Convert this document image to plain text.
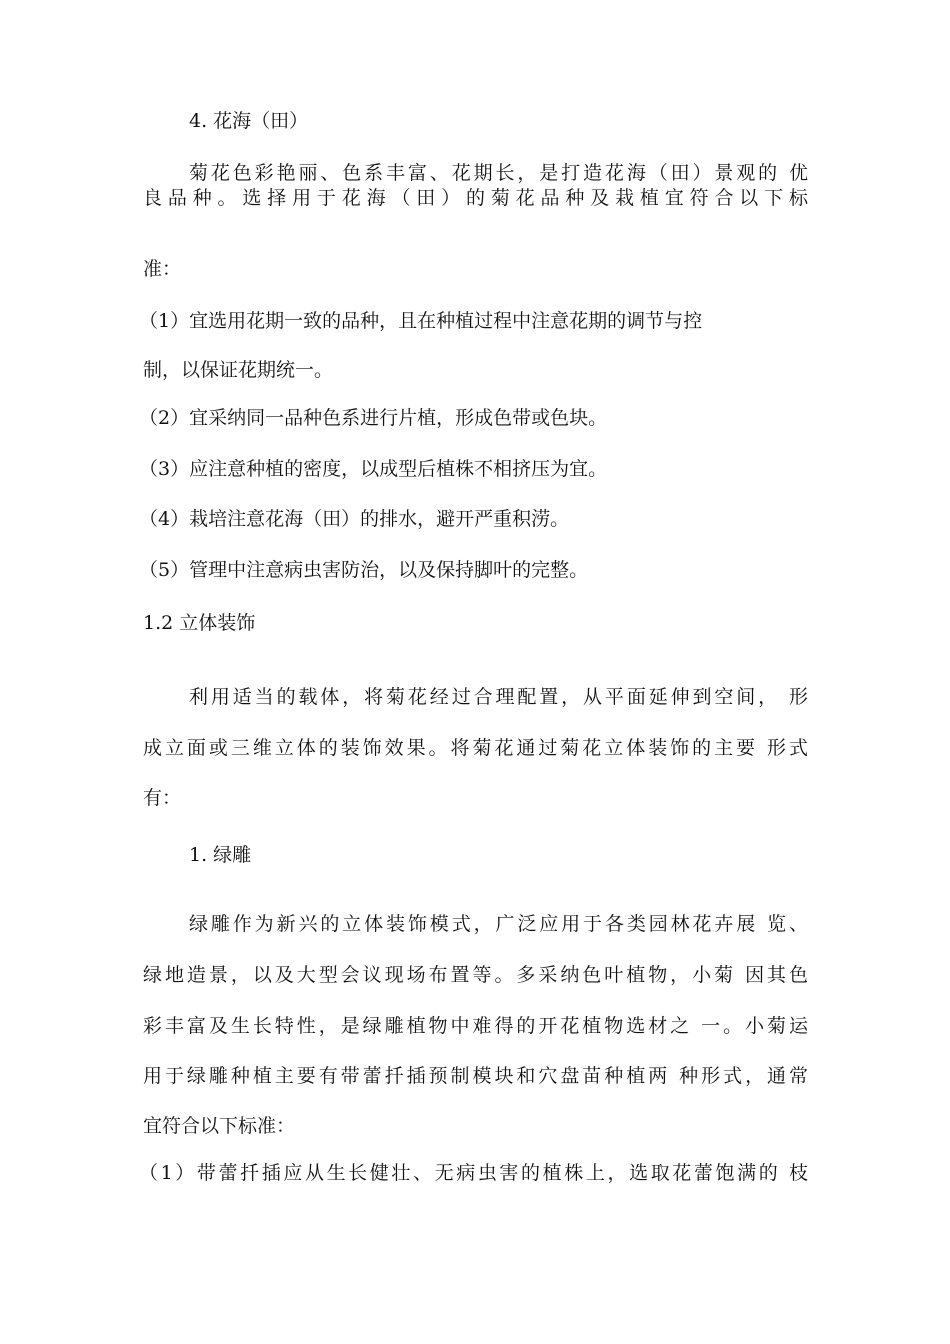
4. 花海（田）
菊花色彩艳丽、色系丰富、花期长，是打造花海（田）景观的 优
良品种。选择用于花海（田）的菊花品种及栽植宜符合以下标
准：
（1）宜选用花期一致的品种，且在种植过程中注意花期的调节与控
制，以保证花期统一。
（2）宜采纳同一品种色系进行片植，形成色带或色块。
（3）应注意种植的密度，以成型后植株不相挤压为宜。
（4）栽培注意花海（田）的排水，避开严重积涝。
（5）管理中注意病虫害防治，以及保持脚叶的完整。
1.2 立体装饰
利用适当的载体，将菊花经过合理配置，从平面延伸到空间， 形
成立面或三维立体的装饰效果。将菊花通过菊花立体装饰的主要 形式
有：
1. 绿雕
绿雕作为新兴的立体装饰模式，广泛应用于各类园林花卉展 览、
绿地造景，以及大型会议现场布置等。多采纳色叶植物，小菊 因其色
彩丰富及生长特性，是绿雕植物中难得的开花植物选材之 一。小菊运
用于绿雕种植主要有带蕾扦插预制模块和穴盘苗种植两 种形式，通常
宜符合以下标准：
（1）带蕾扦插应从生长健壮、无病虫害的植株上，选取花蕾饱满的 枝
